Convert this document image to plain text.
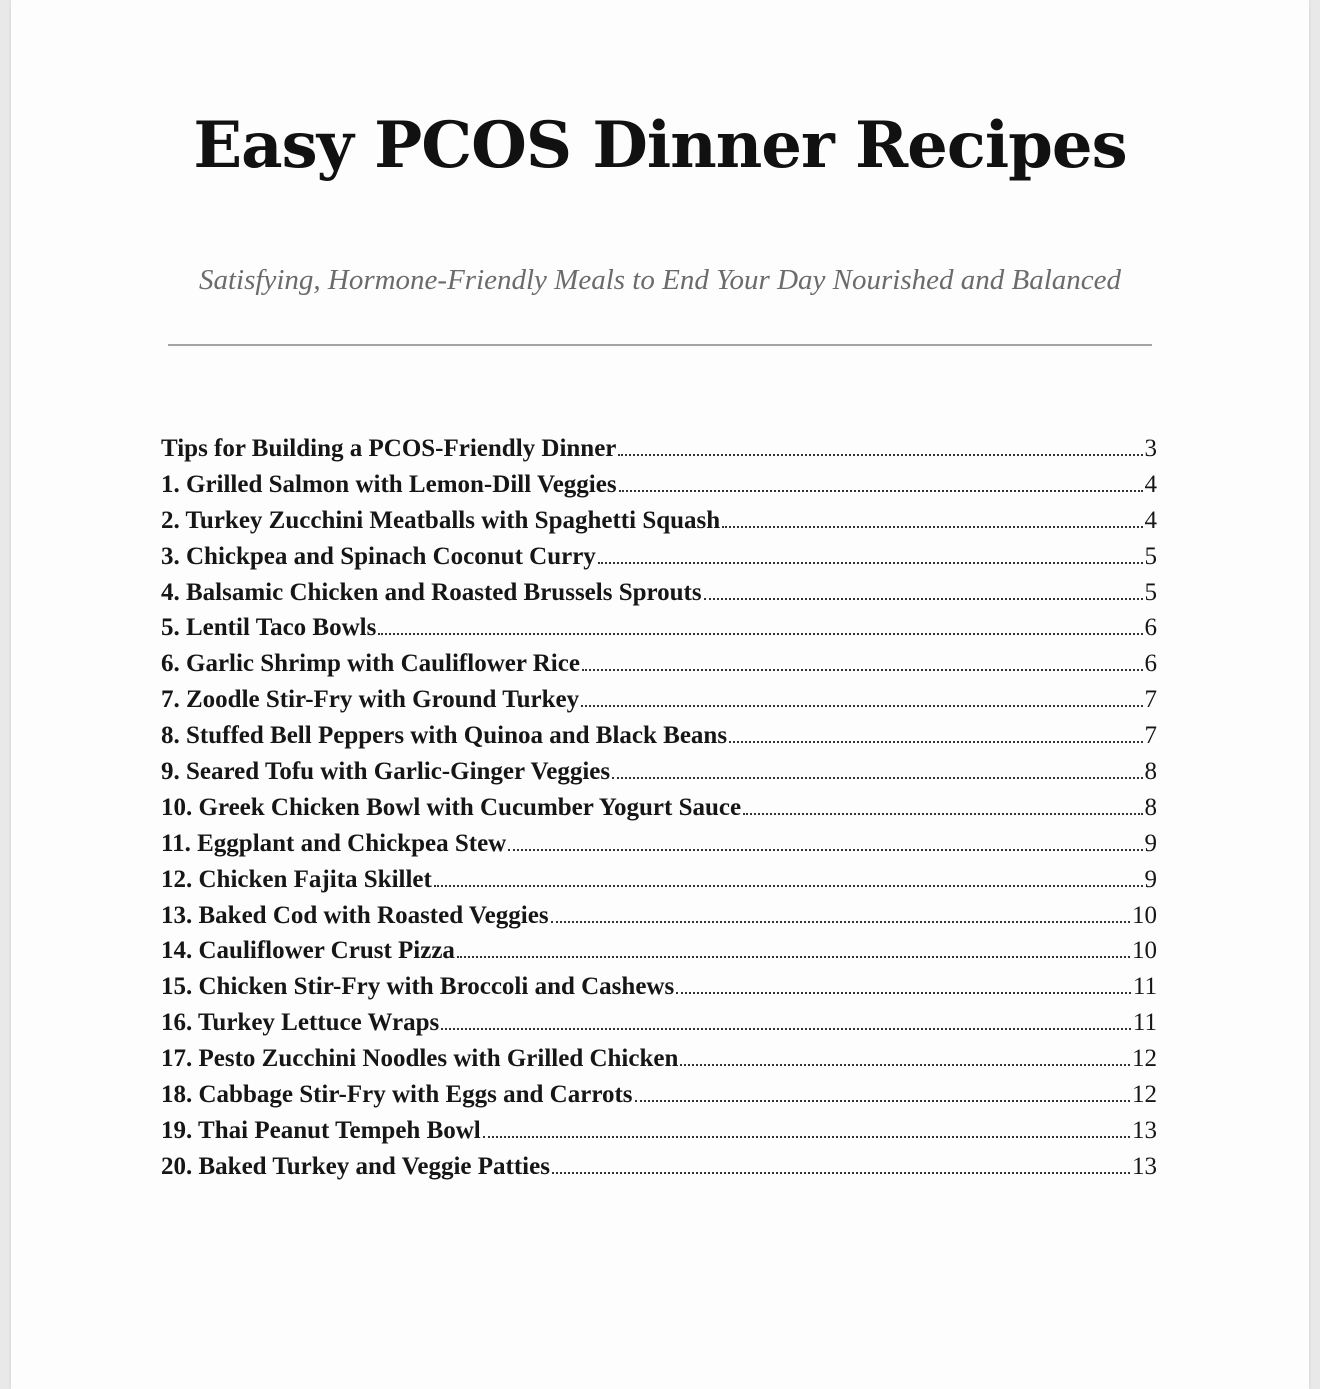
Easy PCOS Dinner Recipes

Satisfying, Hormone-Friendly Meals to End Your Day Nourished and Balanced

Tips for Building a PCOS-Friendly Dinner	3
1. Grilled Salmon with Lemon-Dill Veggies	4
2. Turkey Zucchini Meatballs with Spaghetti Squash	4
3. Chickpea and Spinach Coconut Curry	5
4. Balsamic Chicken and Roasted Brussels Sprouts	5
5. Lentil Taco Bowls	6
6. Garlic Shrimp with Cauliflower Rice	6
7. Zoodle Stir-Fry with Ground Turkey	7
8. Stuffed Bell Peppers with Quinoa and Black Beans	7
9. Seared Tofu with Garlic-Ginger Veggies	8
10. Greek Chicken Bowl with Cucumber Yogurt Sauce	8
11. Eggplant and Chickpea Stew	9
12. Chicken Fajita Skillet	9
13. Baked Cod with Roasted Veggies	10
14. Cauliflower Crust Pizza	10
15. Chicken Stir-Fry with Broccoli and Cashews	11
16. Turkey Lettuce Wraps	11
17. Pesto Zucchini Noodles with Grilled Chicken	12
18. Cabbage Stir-Fry with Eggs and Carrots	12
19. Thai Peanut Tempeh Bowl	13
20. Baked Turkey and Veggie Patties	13
